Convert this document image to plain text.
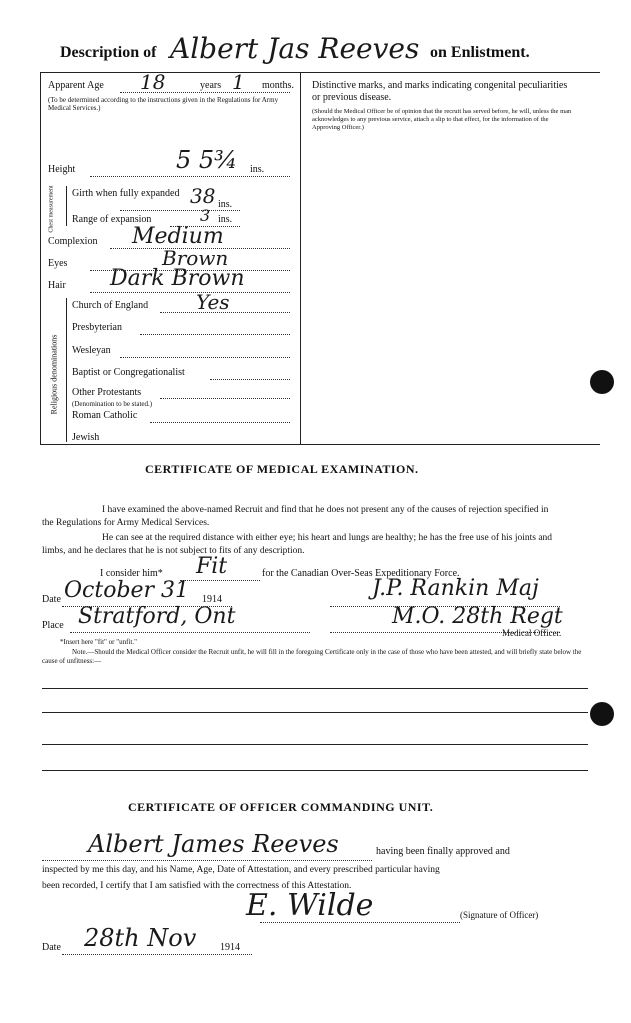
Description of Albert Jas Reeves on Enlistment.
Apparent Age 18	years 1 months.
(To be determined according to the instructions given in the Regulations for Army Medical Services.)
Height	5 5¾ ins.
Chest measurement Girth when fully expanded 38 ins.
Range of expansion	3 ins.
Complexion Medium
Eyes	Brown
Hair Dark Brown
Religious denominations
Church of England Yes
Presbyterian
Wesleyan
Baptist or Congregationalist
Other Protestants
(Denomination to be stated.)
Roman Catholic
Jewish
Distinctive marks, and marks indicating congenital peculiarities or previous disease.
(Should the Medical Officer be of opinion that the recruit has served before, he will, unless the man acknowledges to any previous service, attach a slip to that effect, for the information of the Approving Officer.)
CERTIFICATE OF MEDICAL EXAMINATION.
I have examined the above-named Recruit and find that he does not present any of the causes of rejection specified in the Regulations for Army Medical Services.
He can see at the required distance with either eye; his heart and lungs are healthy; he has the free use of his joints and limbs, and he declares that he is not subject to fits of any description.
I consider him* Fit	for the Canadian Over-Seas Expeditionary Force.
Date October 31 1914	J.P. Rankin Maj
Place Stratford, Ont	M.O. 28th Regt
Medical Officer.
*Insert here "fit" or "unfit."
Note.—Should the Medical Officer consider the Recruit unfit, he will fill in the foregoing Certificate only in the case of those who have been attested, and will briefly state below the cause of unfitness:—
CERTIFICATE OF OFFICER COMMANDING UNIT.
Albert James Reeves	having been finally approved and
inspected by me this day, and his Name, Age, Date of Attestation, and every prescribed particular having
been recorded, I certify that I am satisfied with the correctness of this Attestation.
E. Wilde	(Signature of Officer)
Date 28th Nov 1914
